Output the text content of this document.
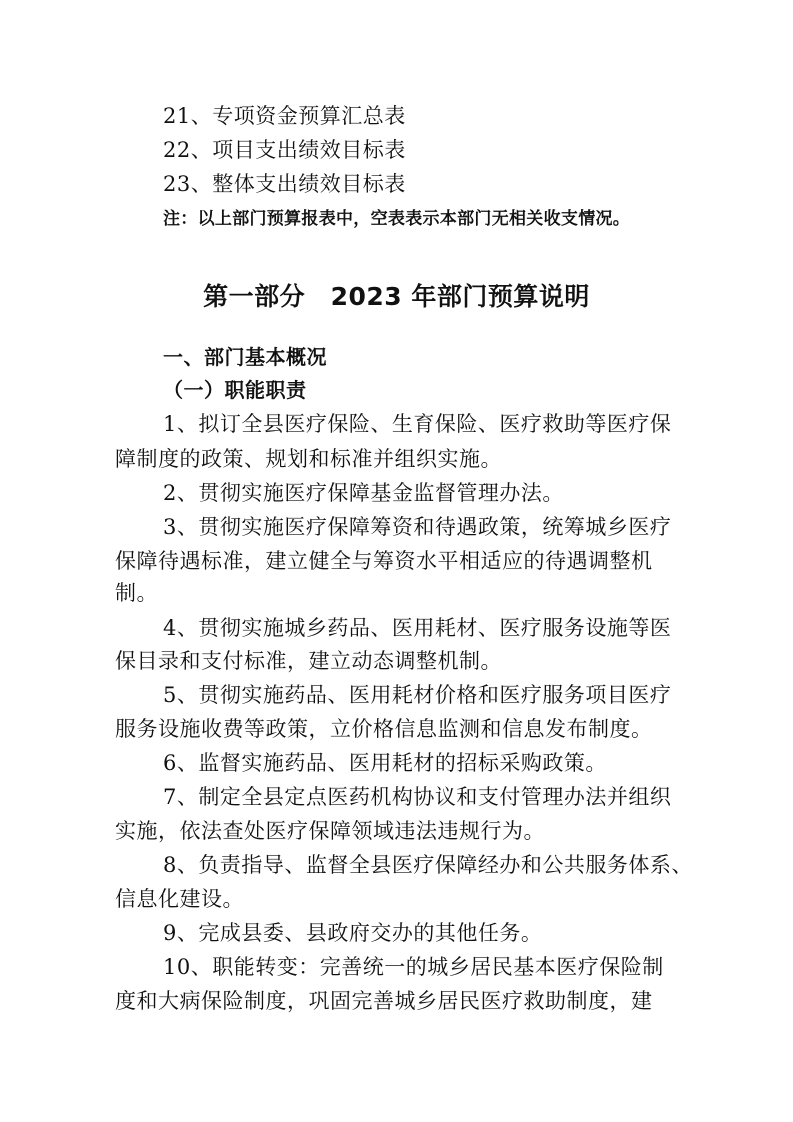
21、专项资金预算汇总表
22、项目支出绩效目标表
23、整体支出绩效目标表
注：以上部门预算报表中，空表表示本部门无相关收支情况。
第一部分　2023 年部门预算说明
一、部门基本概况
（一）职能职责
1、拟订全县医疗保险、生育保险、医疗救助等医疗保
障制度的政策、规划和标准并组织实施。
2、贯彻实施医疗保障基金监督管理办法。
3、贯彻实施医疗保障筹资和待遇政策，统筹城乡医疗
保障待遇标准，建立健全与筹资水平相适应的待遇调整机
制。
4、贯彻实施城乡药品、医用耗材、医疗服务设施等医
保目录和支付标准，建立动态调整机制。
5、贯彻实施药品、医用耗材价格和医疗服务项目医疗
服务设施收费等政策，立价格信息监测和信息发布制度。
6、监督实施药品、医用耗材的招标采购政策。
7、制定全县定点医药机构协议和支付管理办法并组织
实施，依法查处医疗保障领域违法违规行为。
8、负责指导、监督全县医疗保障经办和公共服务体系、
信息化建设。
9、完成县委、县政府交办的其他任务。
10、职能转变：完善统一的城乡居民基本医疗保险制
度和大病保险制度，巩固完善城乡居民医疗救助制度，建
